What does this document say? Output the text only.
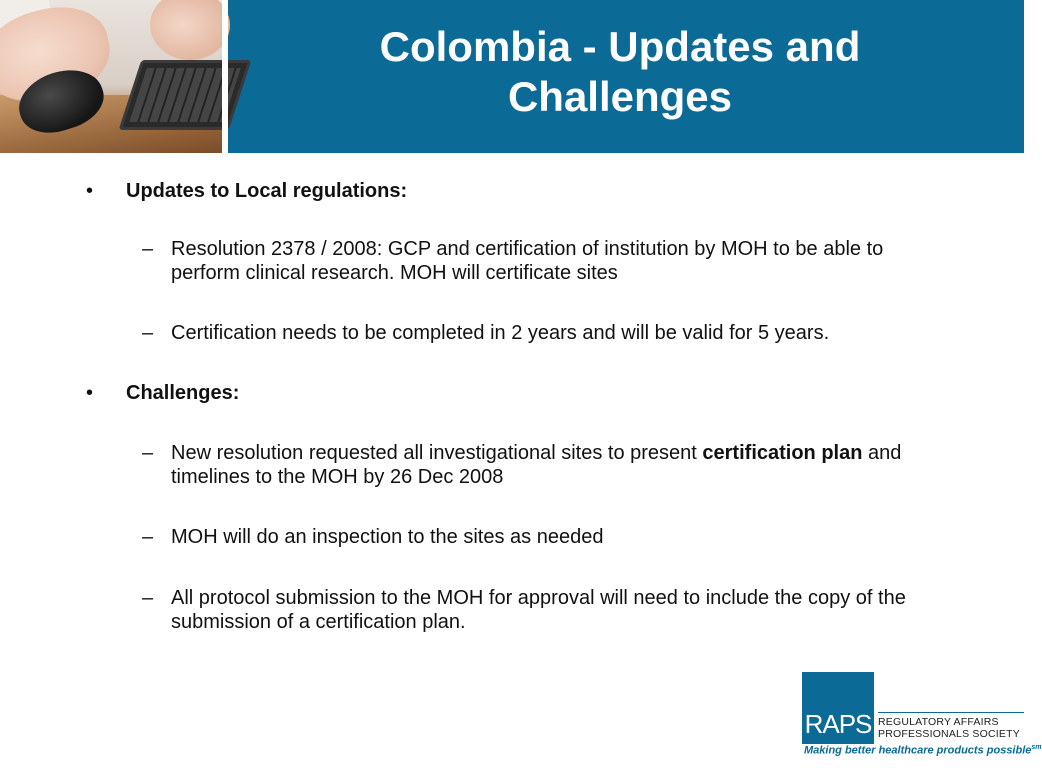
Colombia - Updates and
Challenges
• Updates to Local regulations:
– Resolution 2378 / 2008: GCP and certification of institution by MOH to be able to perform clinical research. MOH will certificate sites
– Certification needs to be completed in 2 years and will be valid for 5 years.
• Challenges:
– New resolution requested all investigational sites to present certification plan and timelines to the MOH by 26 Dec 2008
– MOH will do an inspection to the sites as needed
– All protocol submission to the MOH for approval will need to include the copy of the submission of a certification plan.
RAPS REGULATORY AFFAIRS
PROFESSIONALS SOCIETY
Making better healthcare products possible$^{sm}$
